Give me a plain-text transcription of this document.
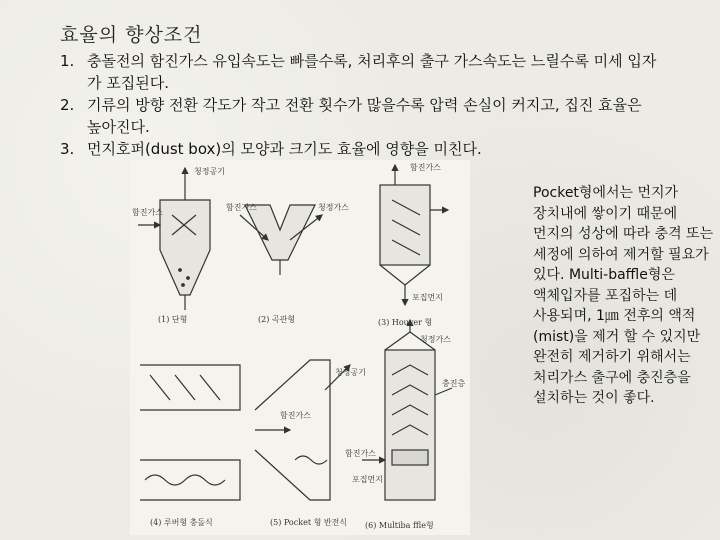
효율의 향상조건
1. 충돌전의 함진가스 유입속도는 빠를수록, 처리후의 출구 가스속도는 느릴수록 미세 입자가 포집된다.
2. 기류의 방향 전환 각도가 작고 전환 횟수가 많을수록 압력 손실이 커지고, 집진 효율은 높아진다.
3. 먼지호퍼(dust box)의 모양과 크기도 효율에 영향을 미친다.
청정공기
함진가스
(1) 단형
함진가스	청정가스
(2) 곡관형
함진가스
포집먼지
(3) Houver 형
(4) 루버형 충돌식
함진가스
청정공기
(5) Pocket 형 반전식
청정가스
충진층
함진가스
포집먼지
(6) Multiba ffle형
Pocket형에서는 먼지가 장치내에 쌓이기 때문에 먼지의 성상에 따라 충격 또는 세정에 의하여 제거할 필요가 있다. Multi-baffle형은 액체입자를 포집하는 데 사용되며, 1㎛ 전후의 액적(mist)을 제거 할 수 있지만 완전히 제거하기 위해서는 처리가스 출구에 충진층을 설치하는 것이 좋다.
